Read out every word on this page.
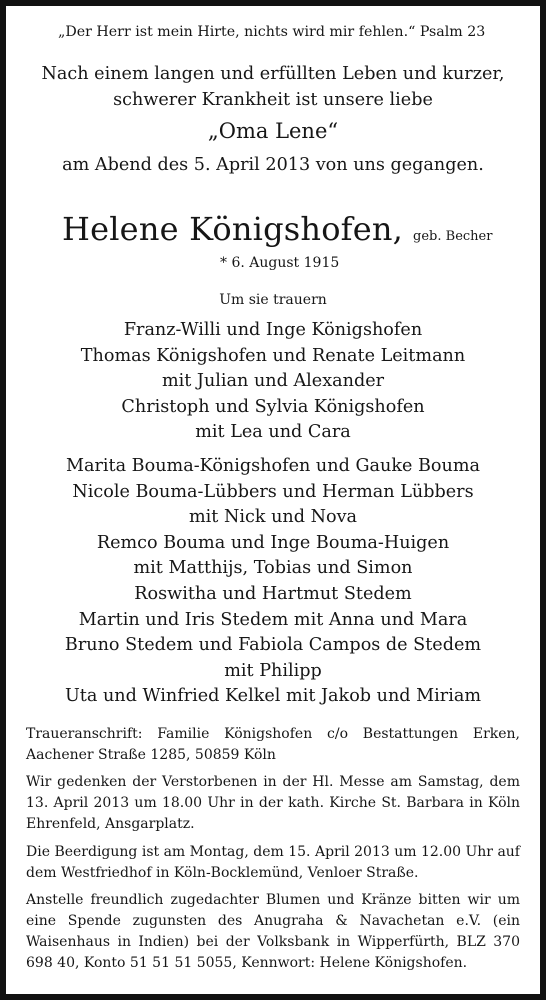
„Der Herr ist mein Hirte, nichts wird mir fehlen.“ Psalm 23
Nach einem langen und erfüllten Leben und kurzer,
schwerer Krankheit ist unsere liebe
„Oma Lene“
am Abend des 5. April 2013 von uns gegangen.
Helene Königshofen, geb. Becher
* 6. August 1915
Um sie trauern
Franz-Willi und Inge Königshofen
Thomas Königshofen und Renate Leitmann
mit Julian und Alexander
Christoph und Sylvia Königshofen
mit Lea und Cara
Marita Bouma-Königshofen und Gauke Bouma
Nicole Bouma-Lübbers und Herman Lübbers
mit Nick und Nova
Remco Bouma und Inge Bouma-Huigen
mit Matthijs, Tobias und Simon
Roswitha und Hartmut Stedem
Martin und Iris Stedem mit Anna und Mara
Bruno Stedem und Fabiola Campos de Stedem
mit Philipp
Uta und Winfried Kelkel mit Jakob und Miriam
Traueranschrift: Familie Königshofen c/o Bestattungen Erken, Aachener Straße 1285, 50859 Köln
Wir gedenken der Verstorbenen in der Hl. Messe am Samstag, dem 13. April 2013 um 18.00 Uhr in der kath. Kirche St. Barbara in Köln Ehrenfeld, Ansgarplatz.
Die Beerdigung ist am Montag, dem 15. April 2013 um 12.00 Uhr auf dem Westfriedhof in Köln-Bocklemünd, Venloer Straße.
Anstelle freundlich zugedachter Blumen und Kränze bitten wir um eine Spende zugunsten des Anugraha & Navachetan e.V. (ein Waisenhaus in Indien) bei der Volksbank in Wipperfürth, BLZ 370 698 40, Konto 51 51 51 5055, Kennwort: Helene Königshofen.
